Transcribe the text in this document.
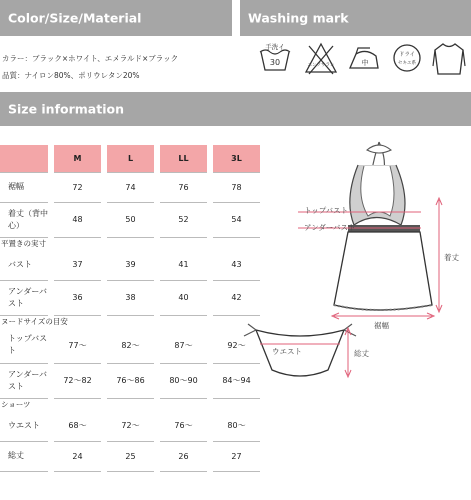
Color/Size/Material	Washing mark
カラー：ブラック×ホワイト、エメラルド×ブラック
品質：ナイロン80%、ポリウレタン20%
手洗イ
30	エンソサラシ	中
ドライ
セキユ系
Size information
		M		L		LL		3L
裾幅		72		74		76		78
着丈（背中心）		48		50		52		54
平置きの実寸								
バスト		37		39		41		43
アンダーバスト		36		38		40		42
ヌードサイズの目安								
トップバスト		77〜		82〜		87〜		92〜
アンダーバスト		72〜82		76〜86		80〜90		84〜94
ショーツ								
ウエスト		68〜		72〜		76〜		80〜
総丈		24		25		26		27
トップバスト
アンダーバスト
着丈
裾幅
ウエスト	総丈
